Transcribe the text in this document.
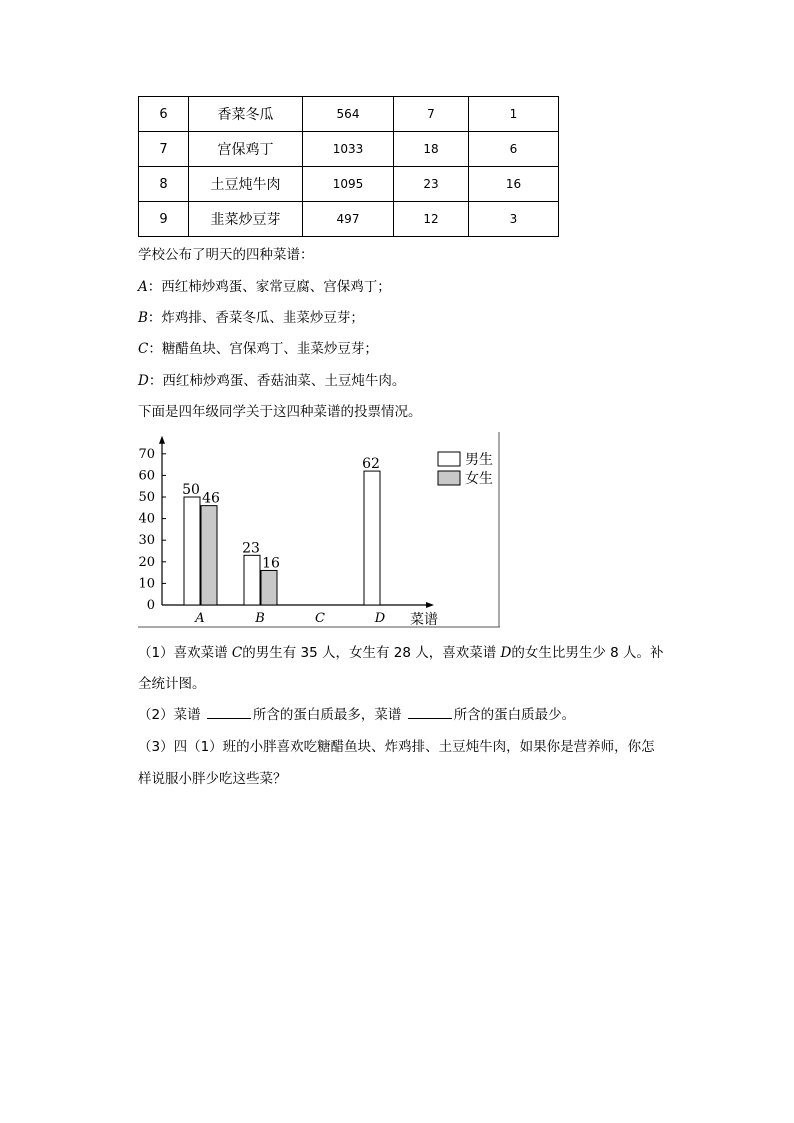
6	香菜冬瓜	564	7	1
7	宫保鸡丁	1033	18	6
8	土豆炖牛肉	1095	23	16
9	韭菜炒豆芽	497	12	3
学校公布了明天的四种菜谱：
A：西红柿炒鸡蛋、家常豆腐、宫保鸡丁；
B：炸鸡排、香菜冬瓜、韭菜炒豆芽；
C：糖醋鱼块、宫保鸡丁、韭菜炒豆芽；
D：西红柿炒鸡蛋、香菇油菜、土豆炖牛肉。
下面是四年级同学关于这四种菜谱的投票情况。
菜谱
70
60
50
40
30
20
10
0
A
50
46
B
23
16
C	D
62	男生
女生
（1）喜欢菜谱 C的男生有 35 人，女生有 28 人，喜欢菜谱 D的女生比男生少 8 人。补
全统计图。
（2）菜谱	所含的蛋白质最多，菜谱	所含的蛋白质最少。
（3）四（1）班的小胖喜欢吃糖醋鱼块、炸鸡排、土豆炖牛肉，如果你是营养师，你怎
样说服小胖少吃这些菜？
